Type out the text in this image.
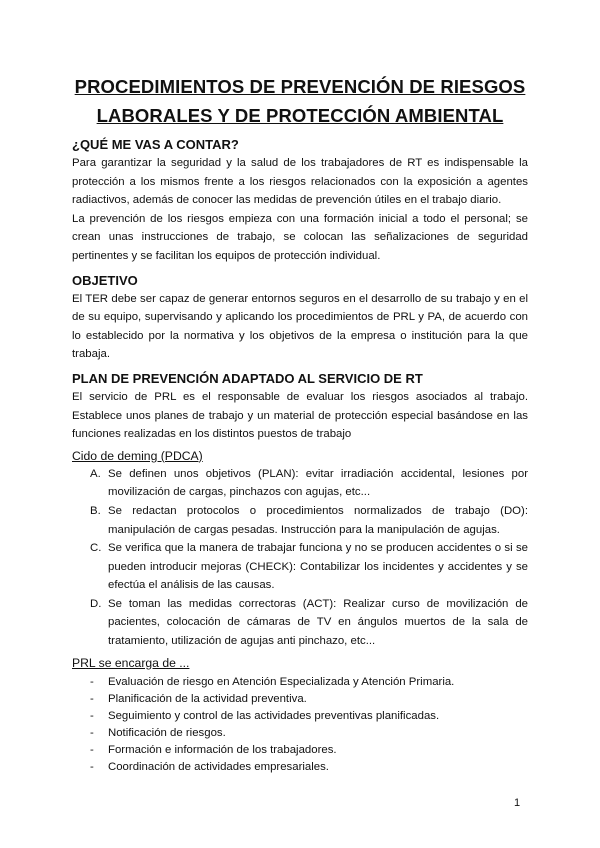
PROCEDIMIENTOS DE PREVENCIÓN DE RIESGOS LABORALES Y DE PROTECCIÓN AMBIENTAL
¿QUÉ ME VAS A CONTAR?

Para garantizar la seguridad y la salud de los trabajadores de RT es indispensable la protección a los mismos frente a los riesgos relacionados con la exposición a agentes radiactivos, además de conocer las medidas de prevención útiles en el trabajo diario.

La prevención de los riesgos empieza con una formación inicial a todo el personal; se crean unas instrucciones de trabajo, se colocan las señalizaciones de seguridad pertinentes y se facilitan los equipos de protección individual.

OBJETIVO

El TER debe ser capaz de generar entornos seguros en el desarrollo de su trabajo y en el de su equipo, supervisando y aplicando los procedimientos de PRL y PA, de acuerdo con lo establecido por la normativa y los objetivos de la empresa o institución para la que trabaja.

PLAN DE PREVENCIÓN ADAPTADO AL SERVICIO DE RT

El servicio de PRL es el responsable de evaluar los riesgos asociados al trabajo. Establece unos planes de trabajo y un material de protección especial basándose en las funciones realizadas en los distintos puestos de trabajo

Cido de deming (PDCA)
A. Se definen unos objetivos (PLAN): evitar irradiación accidental, lesiones por movilización de cargas, pinchazos con agujas, etc...
B. Se redactan protocolos o procedimientos normalizados de trabajo (DO): manipulación de cargas pesadas. Instrucción para la manipulación de agujas.
C. Se verifica que la manera de trabajar funciona y no se producen accidentes o si se pueden introducir mejoras (CHECK): Contabilizar los incidentes y accidentes y se efectúa el análisis de las causas.
D. Se toman las medidas correctoras (ACT): Realizar curso de movilización de pacientes, colocación de cámaras de TV en ángulos muertos de la sala de tratamiento, utilización de agujas anti pinchazo, etc...
PRL se encarga de ...
- Evaluación de riesgo en Atención Especializada y Atención Primaria.
- Planificación de la actividad preventiva.
- Seguimiento y control de las actividades preventivas planificadas.
- Notificación de riesgos.
- Formación e información de los trabajadores.
- Coordinación de actividades empresariales.
1
